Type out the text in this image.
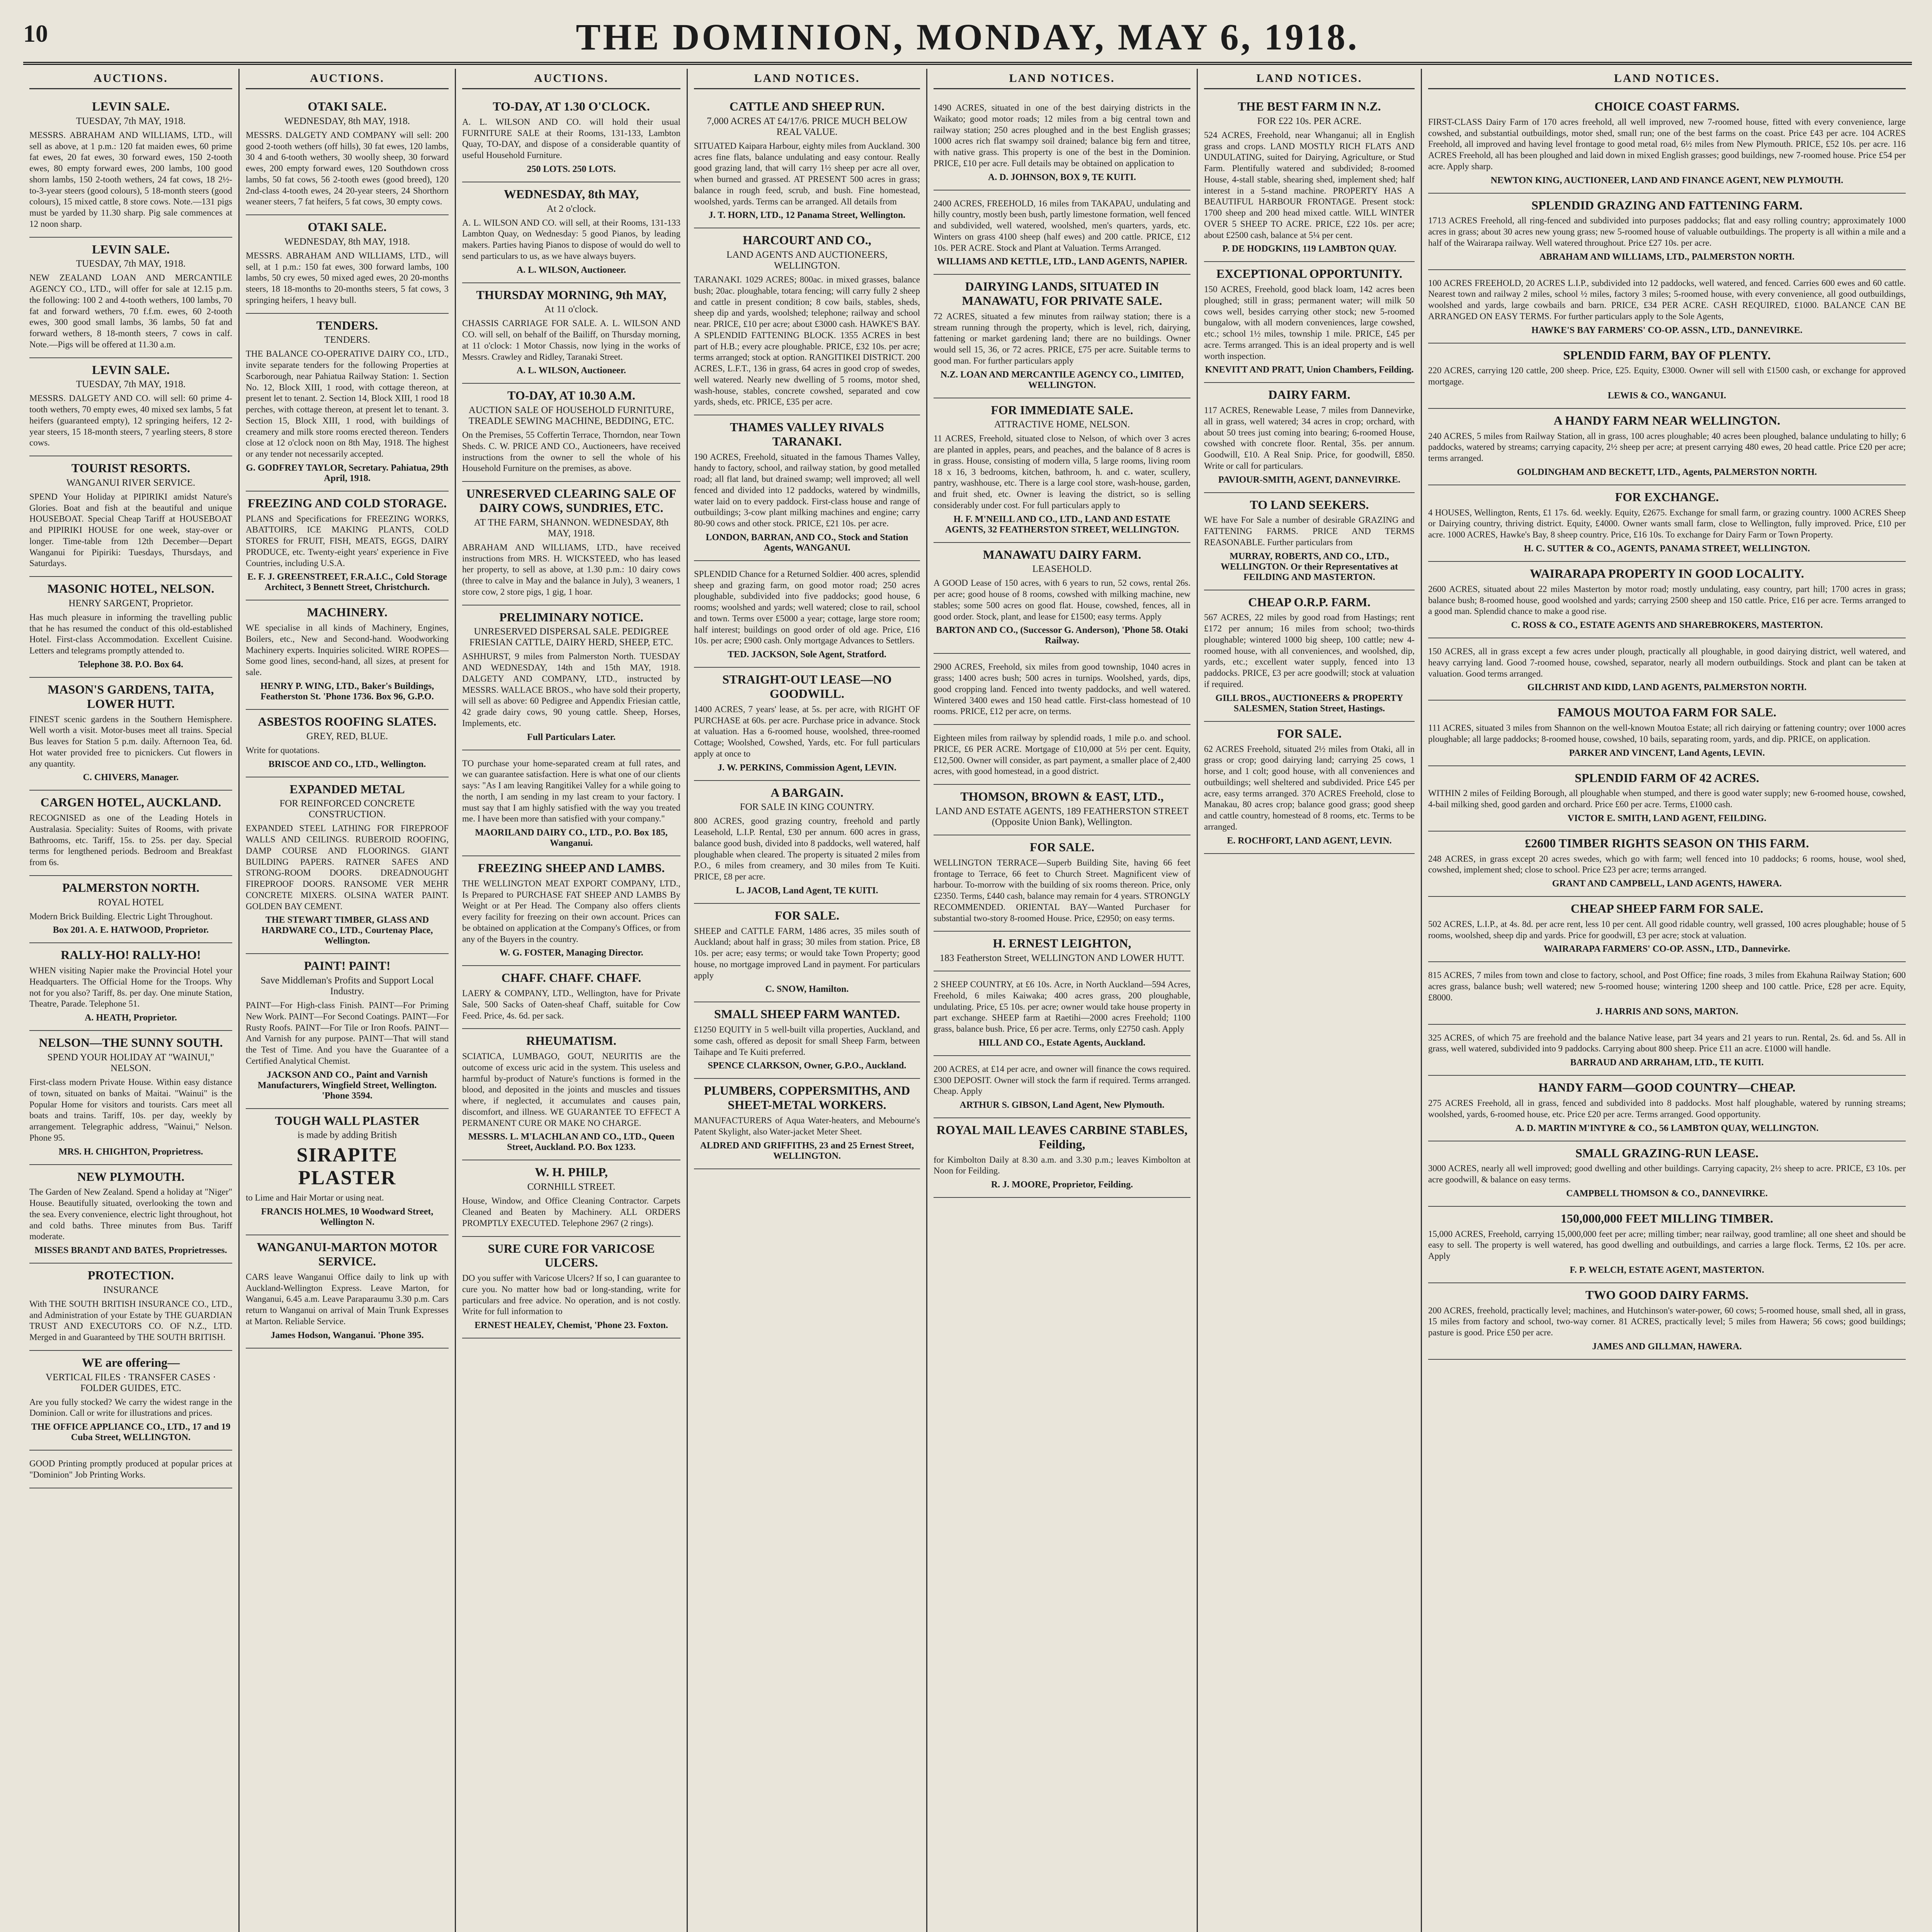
10	THE DOMINION, MONDAY, MAY 6, 1918.
AUCTIONS.
LEVIN SALE.
TUESDAY, 7th MAY, 1918.
MESSRS. ABRAHAM AND WILLIAMS, LTD., will sell as above, at 1 p.m.: 120 fat maiden ewes, 60 prime fat ewes, 20 fat ewes, 30 forward ewes, 150 2-tooth ewes, 80 empty forward ewes, 200 lambs, 100 good shorn lambs, 150 2-tooth wethers, 24 fat cows, 18 2½-to-3-year steers (good colours), 5 18-month steers (good colours), 15 mixed cattle, 8 store cows. Note.—131 pigs must be yarded by 11.30 sharp. Pig sale commences at 12 noon sharp.
LEVIN SALE.
TUESDAY, 7th MAY, 1918.
NEW ZEALAND LOAN AND MERCANTILE AGENCY CO., LTD., will offer for sale at 12.15 p.m. the following: 100 2 and 4-tooth wethers, 100 lambs, 70 fat and forward wethers, 70 f.f.m. ewes, 60 2-tooth ewes, 300 good small lambs, 36 lambs, 50 fat and forward wethers, 8 18-month steers, 7 cows in calf. Note.—Pigs will be offered at 11.30 a.m.
LEVIN SALE.
TUESDAY, 7th MAY, 1918.
MESSRS. DALGETY AND CO. will sell: 60 prime 4-tooth wethers, 70 empty ewes, 40 mixed sex lambs, 5 fat heifers (guaranteed empty), 12 springing heifers, 12 2-year steers, 15 18-month steers, 7 yearling steers, 8 store cows.
TOURIST RESORTS.
WANGANUI RIVER SERVICE.
SPEND Your Holiday at PIPIRIKI amidst Nature's Glories. Boat and fish at the beautiful and unique HOUSEBOAT. Special Cheap Tariff at HOUSEBOAT and PIPIRIKI HOUSE for one week, stay-over or longer. Time-table from 12th December—Depart Wanganui for Pipiriki: Tuesdays, Thursdays, and Saturdays.
MASONIC HOTEL, NELSON.
HENRY SARGENT, Proprietor.
Has much pleasure in informing the travelling public that he has resumed the conduct of this old-established Hotel. First-class Accommodation. Excellent Cuisine. Letters and telegrams promptly attended to.
Telephone 38. P.O. Box 64.
MASON'S GARDENS, TAITA, LOWER HUTT.
FINEST scenic gardens in the Southern Hemisphere. Well worth a visit. Motor-buses meet all trains. Special Bus leaves for Station 5 p.m. daily. Afternoon Tea, 6d. Hot water provided free to picnickers. Cut flowers in any quantity.
C. CHIVERS, Manager.
CARGEN HOTEL, AUCKLAND.
RECOGNISED as one of the Leading Hotels in Australasia. Speciality: Suites of Rooms, with private Bathrooms, etc. Tariff, 15s. to 25s. per day. Special terms for lengthened periods. Bedroom and Breakfast from 6s.
PALMERSTON NORTH.
ROYAL HOTEL
Modern Brick Building. Electric Light Throughout.
Box 201. A. E. HATWOOD, Proprietor.
RALLY-HO! RALLY-HO!
WHEN visiting Napier make the Provincial Hotel your Headquarters. The Official Home for the Troops. Why not for you also? Tariff, 8s. per day. One minute Station, Theatre, Parade. Telephone 51.
A. HEATH, Proprietor.
NELSON—THE SUNNY SOUTH.
SPEND YOUR HOLIDAY AT "WAINUI," NELSON.
First-class modern Private House. Within easy distance of town, situated on banks of Maitai. "Wainui" is the Popular Home for visitors and tourists. Cars meet all boats and trains. Tariff, 10s. per day, weekly by arrangement. Telegraphic address, "Wainui," Nelson. Phone 95.
MRS. H. CHIGHTON, Proprietress.
NEW PLYMOUTH.
The Garden of New Zealand. Spend a holiday at "Niger" House. Beautifully situated, overlooking the town and the sea. Every convenience, electric light throughout, hot and cold baths. Three minutes from Bus. Tariff moderate.
MISSES BRANDT AND BATES, Proprietresses.
PROTECTION.
INSURANCE
With THE SOUTH BRITISH INSURANCE CO., LTD., and Administration of your Estate by THE GUARDIAN TRUST AND EXECUTORS CO. OF N.Z., LTD. Merged in and Guaranteed by THE SOUTH BRITISH.
WE are offering—
VERTICAL FILES · TRANSFER CASES · FOLDER GUIDES, ETC.
Are you fully stocked? We carry the widest range in the Dominion. Call or write for illustrations and prices.
THE OFFICE APPLIANCE CO., LTD., 17 and 19 Cuba Street, WELLINGTON.
GOOD Printing promptly produced at popular prices at "Dominion" Job Printing Works.
AUCTIONS.
OTAKI SALE.
WEDNESDAY, 8th MAY, 1918.
MESSRS. DALGETY AND COMPANY will sell: 200 good 2-tooth wethers (off hills), 30 fat ewes, 120 lambs, 30 4 and 6-tooth wethers, 30 woolly sheep, 30 forward ewes, 200 empty forward ewes, 120 Southdown cross lambs, 50 fat cows, 56 2-tooth ewes (good breed), 120 2nd-class 4-tooth ewes, 24 20-year steers, 24 Shorthorn weaner steers, 7 fat heifers, 5 fat cows, 30 empty cows.
OTAKI SALE.
WEDNESDAY, 8th MAY, 1918.
MESSRS. ABRAHAM AND WILLIAMS, LTD., will sell, at 1 p.m.: 150 fat ewes, 300 forward lambs, 100 lambs, 50 cry ewes, 50 mixed aged ewes, 20 20-months steers, 18 18-months to 20-months steers, 5 fat cows, 3 springing heifers, 1 heavy bull.
TENDERS.
TENDERS.
THE BALANCE CO-OPERATIVE DAIRY CO., LTD., invite separate tenders for the following Properties at Scarborough, near Pahiatua Railway Station: 1. Section No. 12, Block XIII, 1 rood, with cottage thereon, at present let to tenant. 2. Section 14, Block XIII, 1 rood 18 perches, with cottage thereon, at present let to tenant. 3. Section 15, Block XIII, 1 rood, with buildings of creamery and milk store rooms erected thereon. Tenders close at 12 o'clock noon on 8th May, 1918. The highest or any tender not necessarily accepted.
G. GODFREY TAYLOR, Secretary. Pahiatua, 29th April, 1918.
FREEZING AND COLD STORAGE.
PLANS and Specifications for FREEZING WORKS, ABATTOIRS, ICE MAKING PLANTS, COLD STORES for FRUIT, FISH, MEATS, EGGS, DAIRY PRODUCE, etc. Twenty-eight years' experience in Five Countries, including U.S.A.
E. F. J. GREENSTREET, F.R.A.I.C., Cold Storage Architect, 3 Bennett Street, Christchurch.
MACHINERY.
WE specialise in all kinds of Machinery, Engines, Boilers, etc., New and Second-hand. Woodworking Machinery experts. Inquiries solicited. WIRE ROPES—Some good lines, second-hand, all sizes, at present for sale.
HENRY P. WING, LTD., Baker's Buildings, Featherston St. 'Phone 1736. Box 96, G.P.O.
ASBESTOS ROOFING SLATES.
GREY, RED, BLUE.
Write for quotations.
BRISCOE AND CO., LTD., Wellington.
EXPANDED METAL
FOR REINFORCED CONCRETE CONSTRUCTION.
EXPANDED STEEL LATHING FOR FIREPROOF WALLS AND CEILINGS. RUBEROID ROOFING, DAMP COURSE AND FLOORINGS. GIANT BUILDING PAPERS. RATNER SAFES AND STRONG-ROOM DOORS. DREADNOUGHT FIREPROOF DOORS. RANSOME VER MEHR CONCRETE MIXERS. OLSINA WATER PAINT. GOLDEN BAY CEMENT.
THE STEWART TIMBER, GLASS AND HARDWARE CO., LTD., Courtenay Place, Wellington.
PAINT! PAINT!
Save Middleman's Profits and Support Local Industry.
PAINT—For High-class Finish. PAINT—For Priming New Work. PAINT—For Second Coatings. PAINT—For Rusty Roofs. PAINT—For Tile or Iron Roofs. PAINT—And Varnish for any purpose. PAINT—That will stand the Test of Time. And you have the Guarantee of a Certified Analytical Chemist.
JACKSON AND CO., Paint and Varnish Manufacturers, Wingfield Street, Wellington. 'Phone 3594.
TOUGH WALL PLASTER
is made by adding British
SIRAPITE PLASTER
to Lime and Hair Mortar or using neat.
FRANCIS HOLMES, 10 Woodward Street, Wellington N.
WANGANUI-MARTON MOTOR SERVICE.
CARS leave Wanganui Office daily to link up with Auckland-Wellington Express. Leave Marton, for Wanganui, 6.45 a.m. Leave Paraparaumu 3.30 p.m. Cars return to Wanganui on arrival of Main Trunk Expresses at Marton. Reliable Service.
James Hodson, Wanganui. 'Phone 395.
AUCTIONS.
TO-DAY, AT 1.30 O'CLOCK.
A. L. WILSON AND CO. will hold their usual FURNITURE SALE at their Rooms, 131-133, Lambton Quay, TO-DAY, and dispose of a considerable quantity of useful Household Furniture.
250 LOTS. 250 LOTS.
WEDNESDAY, 8th MAY,
At 2 o'clock.
A. L. WILSON AND CO. will sell, at their Rooms, 131-133 Lambton Quay, on Wednesday: 5 good Pianos, by leading makers. Parties having Pianos to dispose of would do well to send particulars to us, as we have always buyers.
A. L. WILSON, Auctioneer.
THURSDAY MORNING, 9th MAY,
At 11 o'clock.
CHASSIS CARRIAGE FOR SALE. A. L. WILSON AND CO. will sell, on behalf of the Bailiff, on Thursday morning, at 11 o'clock: 1 Motor Chassis, now lying in the works of Messrs. Crawley and Ridley, Taranaki Street.
A. L. WILSON, Auctioneer.
TO-DAY, AT 10.30 A.M.
AUCTION SALE OF HOUSEHOLD FURNITURE, TREADLE SEWING MACHINE, BEDDING, ETC.
On the Premises, 55 Coffertin Terrace, Thorndon, near Town Sheds. C. W. PRICE AND CO., Auctioneers, have received instructions from the owner to sell the whole of his Household Furniture on the premises, as above.
UNRESERVED CLEARING SALE OF DAIRY COWS, SUNDRIES, ETC.
AT THE FARM, SHANNON. WEDNESDAY, 8th MAY, 1918.
ABRAHAM AND WILLIAMS, LTD., have received instructions from MRS. H. WICKSTEED, who has leased her property, to sell as above, at 1.30 p.m.: 10 dairy cows (three to calve in May and the balance in July), 3 weaners, 1 store cow, 2 store pigs, 1 gig, 1 hoar.
PRELIMINARY NOTICE.
UNRESERVED DISPERSAL SALE. PEDIGREE FRIESIAN CATTLE, DAIRY HERD, SHEEP, ETC.
ASHHURST, 9 miles from Palmerston North. TUESDAY AND WEDNESDAY, 14th and 15th MAY, 1918. DALGETY AND COMPANY, LTD., instructed by MESSRS. WALLACE BROS., who have sold their property, will sell as above: 60 Pedigree and Appendix Friesian cattle, 42 grade dairy cows, 90 young cattle. Sheep, Horses, Implements, etc.
Full Particulars Later.
TO purchase your home-separated cream at full rates, and we can guarantee satisfaction. Here is what one of our clients says: "As I am leaving Rangitikei Valley for a while going to the north, I am sending in my last cream to your factory. I must say that I am highly satisfied with the way you treated me. I have been more than satisfied with your company."
MAORILAND DAIRY CO., LTD., P.O. Box 185, Wanganui.
FREEZING SHEEP AND LAMBS.
THE WELLINGTON MEAT EXPORT COMPANY, LTD., Is Prepared to PURCHASE FAT SHEEP AND LAMBS By Weight or at Per Head. The Company also offers clients every facility for freezing on their own account. Prices can be obtained on application at the Company's Offices, or from any of the Buyers in the country.
W. G. FOSTER, Managing Director.
CHAFF. CHAFF. CHAFF.
LAERY & COMPANY, LTD., Wellington, have for Private Sale, 500 Sacks of Oaten-sheaf Chaff, suitable for Cow Feed. Price, 4s. 6d. per sack.
RHEUMATISM.
SCIATICA, LUMBAGO, GOUT, NEURITIS are the outcome of excess uric acid in the system. This useless and harmful by-product of Nature's functions is formed in the blood, and deposited in the joints and muscles and tissues where, if neglected, it accumulates and causes pain, discomfort, and illness. WE GUARANTEE TO EFFECT A PERMANENT CURE OR MAKE NO CHARGE.
MESSRS. L. M'LACHLAN AND CO., LTD., Queen Street, Auckland. P.O. Box 1233.
W. H. PHILP,
CORNHILL STREET.
House, Window, and Office Cleaning Contractor. Carpets Cleaned and Beaten by Machinery. ALL ORDERS PROMPTLY EXECUTED. Telephone 2967 (2 rings).
SURE CURE FOR VARICOSE ULCERS.
DO you suffer with Varicose Ulcers? If so, I can guarantee to cure you. No matter how bad or long-standing, write for particulars and free advice. No operation, and is not costly. Write for full information to
ERNEST HEALEY, Chemist, 'Phone 23. Foxton.
LAND NOTICES.
CATTLE AND SHEEP RUN.
7,000 ACRES AT £4/17/6. PRICE MUCH BELOW REAL VALUE.
SITUATED Kaipara Harbour, eighty miles from Auckland. 300 acres fine flats, balance undulating and easy contour. Really good grazing land, that will carry 1½ sheep per acre all over, when burned and grassed. AT PRESENT 500 acres in grass; balance in rough feed, scrub, and bush. Fine homestead, woolshed, yards. Terms can be arranged. All details from
J. T. HORN, LTD., 12 Panama Street, Wellington.
HARCOURT AND CO.,
LAND AGENTS AND AUCTIONEERS, WELLINGTON.
TARANAKI. 1029 ACRES; 800ac. in mixed grasses, balance bush; 20ac. ploughable, totara fencing; will carry fully 2 sheep and cattle in present condition; 8 cow bails, stables, sheds, sheep dip and yards, woolshed; telephone; railway and school near. PRICE, £10 per acre; about £3000 cash. HAWKE'S BAY. A SPLENDID FATTENING BLOCK. 1355 ACRES in best part of H.B.; every acre ploughable. PRICE, £32 10s. per acre; terms arranged; stock at option. RANGITIKEI DISTRICT. 200 ACRES, L.F.T., 136 in grass, 64 acres in good crop of swedes, well watered. Nearly new dwelling of 5 rooms, motor shed, wash-house, stables, concrete cowshed, separated and cow yards, sheds, etc. PRICE, £35 per acre.
THAMES VALLEY RIVALS TARANAKI.
190 ACRES, Freehold, situated in the famous Thames Valley, handy to factory, school, and railway station, by good metalled road; all flat land, but drained swamp; well improved; all well fenced and divided into 12 paddocks, watered by windmills, water laid on to every paddock. First-class house and range of outbuildings; 3-cow plant milking machines and engine; carry 80-90 cows and other stock. PRICE, £21 10s. per acre.
LONDON, BARRAN, AND CO., Stock and Station Agents, WANGANUI.
SPLENDID Chance for a Returned Soldier. 400 acres, splendid sheep and grazing farm, on good motor road; 250 acres ploughable, subdivided into five paddocks; good house, 6 rooms; woolshed and yards; well watered; close to rail, school and town. Terms over £5000 a year; cottage, large store room; half interest; buildings on good order of old age. Price, £16 10s. per acre; £900 cash. Only mortgage Advances to Settlers.
TED. JACKSON, Sole Agent, Stratford.
STRAIGHT-OUT LEASE—NO GOODWILL.
1400 ACRES, 7 years' lease, at 5s. per acre, with RIGHT OF PURCHASE at 60s. per acre. Purchase price in advance. Stock at valuation. Has a 6-roomed house, woolshed, three-roomed Cottage; Woolshed, Cowshed, Yards, etc. For full particulars apply at once to
J. W. PERKINS, Commission Agent, LEVIN.
A BARGAIN.
FOR SALE IN KING COUNTRY.
800 ACRES, good grazing country, freehold and partly Leasehold, L.I.P. Rental, £30 per annum. 600 acres in grass, balance good bush, divided into 8 paddocks, well watered, half ploughable when cleared. The property is situated 2 miles from P.O., 6 miles from creamery, and 30 miles from Te Kuiti. PRICE, £8 per acre.
L. JACOB, Land Agent, TE KUITI.
FOR SALE.
SHEEP and CATTLE FARM, 1486 acres, 35 miles south of Auckland; about half in grass; 30 miles from station. Price, £8 10s. per acre; easy terms; or would take Town Property; good house, no mortgage improved Land in payment. For particulars apply
C. SNOW, Hamilton.
SMALL SHEEP FARM WANTED.
£1250 EQUITY in 5 well-built villa properties, Auckland, and some cash, offered as deposit for small Sheep Farm, between Taihape and Te Kuiti preferred.
SPENCE CLARKSON, Owner, G.P.O., Auckland.
PLUMBERS, COPPERSMITHS, AND SHEET-METAL WORKERS.
MANUFACTURERS of Aqua Water-heaters, and Mebourne's Patent Skylight, also Water-jacket Meter Sheet.
ALDRED AND GRIFFITHS, 23 and 25 Ernest Street, WELLINGTON.
LAND NOTICES.
1490 ACRES, situated in one of the best dairying districts in the Waikato; good motor roads; 12 miles from a big central town and railway station; 250 acres ploughed and in the best English grasses; 1000 acres rich flat swampy soil drained; balance big fern and titree, with native grass. This property is one of the best in the Dominion. PRICE, £10 per acre. Full details may be obtained on application to
A. D. JOHNSON, BOX 9, TE KUITI.
2400 ACRES, FREEHOLD, 16 miles from TAKAPAU, undulating and hilly country, mostly been bush, partly limestone formation, well fenced and subdivided, well watered, woolshed, men's quarters, yards, etc. Winters on grass 4100 sheep (half ewes) and 200 cattle. PRICE, £12 10s. PER ACRE. Stock and Plant at Valuation. Terms Arranged.
WILLIAMS AND KETTLE, LTD., LAND AGENTS, NAPIER.
DAIRYING LANDS, SITUATED IN MANAWATU, FOR PRIVATE SALE.
72 ACRES, situated a few minutes from railway station; there is a stream running through the property, which is level, rich, dairying, fattening or market gardening land; there are no buildings. Owner would sell 15, 36, or 72 acres. PRICE, £75 per acre. Suitable terms to good man. For further particulars apply
N.Z. LOAN AND MERCANTILE AGENCY CO., LIMITED, WELLINGTON.
FOR IMMEDIATE SALE.
ATTRACTIVE HOME, NELSON.
11 ACRES, Freehold, situated close to Nelson, of which over 3 acres are planted in apples, pears, and peaches, and the balance of 8 acres is in grass. House, consisting of modern villa, 5 large rooms, living room 18 x 16, 3 bedrooms, kitchen, bathroom, h. and c. water, scullery, pantry, washhouse, etc. There is a large cool store, wash-house, garden, and fruit shed, etc. Owner is leaving the district, so is selling considerably under cost. For full particulars apply to
H. F. M'NEILL AND CO., LTD., LAND AND ESTATE AGENTS, 32 FEATHERSTON STREET, WELLINGTON.
MANAWATU DAIRY FARM.
LEASEHOLD.
A GOOD Lease of 150 acres, with 6 years to run, 52 cows, rental 26s. per acre; good house of 8 rooms, cowshed with milking machine, new stables; some 500 acres on good flat. House, cowshed, fences, all in good order. Stock, plant, and lease for £1500; easy terms. Apply
BARTON AND CO., (Successor G. Anderson), 'Phone 58. Otaki Railway.
2900 ACRES, Freehold, six miles from good township, 1040 acres in grass; 1400 acres bush; 500 acres in turnips. Woolshed, yards, dips, good cropping land. Fenced into twenty paddocks, and well watered. Wintered 3400 ewes and 150 head cattle. First-class homestead of 10 rooms. PRICE, £12 per acre, on terms.
Eighteen miles from railway by splendid roads, 1 mile p.o. and school. PRICE, £6 PER ACRE. Mortgage of £10,000 at 5½ per cent. Equity, £12,500. Owner will consider, as part payment, a smaller place of 2,400 acres, with good homestead, in a good district.
THOMSON, BROWN & EAST, LTD.,
LAND AND ESTATE AGENTS, 189 FEATHERSTON STREET (Opposite Union Bank), Wellington.
FOR SALE.
WELLINGTON TERRACE—Superb Building Site, having 66 feet frontage to Terrace, 66 feet to Church Street. Magnificent view of harbour. To-morrow with the building of six rooms thereon. Price, only £2350. Terms, £440 cash, balance may remain for 4 years. STRONGLY RECOMMENDED. ORIENTAL BAY—Wanted Purchaser for substantial two-story 8-roomed House. Price, £2950; on easy terms.
H. ERNEST LEIGHTON,
183 Featherston Street, WELLINGTON AND LOWER HUTT.
2 SHEEP COUNTRY, at £6 10s. Acre, in North Auckland—594 Acres, Freehold, 6 miles Kaiwaka; 400 acres grass, 200 ploughable, undulating. Price, £5 10s. per acre; owner would take house property in part exchange. SHEEP farm at Raetihi—2000 acres Freehold; 1100 grass, balance bush. Price, £6 per acre. Terms, only £2750 cash. Apply
HILL AND CO., Estate Agents, Auckland.
200 ACRES, at £14 per acre, and owner will finance the cows required. £300 DEPOSIT. Owner will stock the farm if required. Terms arranged. Cheap. Apply
ARTHUR S. GIBSON, Land Agent, New Plymouth.
ROYAL MAIL LEAVES CARBINE STABLES, Feilding,
for Kimbolton Daily at 8.30 a.m. and 3.30 p.m.; leaves Kimbolton at Noon for Feilding.
R. J. MOORE, Proprietor, Feilding.
LAND NOTICES.
THE BEST FARM IN N.Z.
FOR £22 10s. PER ACRE.
524 ACRES, Freehold, near Whanganui; all in English grass and crops. LAND MOSTLY RICH FLATS AND UNDULATING, suited for Dairying, Agriculture, or Stud Farm. Plentifully watered and subdivided; 8-roomed House, 4-stall stable, shearing shed, implement shed; half interest in a 5-stand machine. PROPERTY HAS A BEAUTIFUL HARBOUR FRONTAGE. Present stock: 1700 sheep and 200 head mixed cattle. WILL WINTER OVER 5 SHEEP TO ACRE. PRICE, £22 10s. per acre; about £2500 cash, balance at 5¼ per cent.
P. DE HODGKINS, 119 LAMBTON QUAY.
EXCEPTIONAL OPPORTUNITY.
150 ACRES, Freehold, good black loam, 142 acres been ploughed; still in grass; permanent water; will milk 50 cows well, besides carrying other stock; new 5-roomed bungalow, with all modern conveniences, large cowshed, etc.; school 1½ miles, township 1 mile. PRICE, £45 per acre. Terms arranged. This is an ideal property and is well worth inspection.
KNEVITT AND PRATT, Union Chambers, Feilding.
DAIRY FARM.
117 ACRES, Renewable Lease, 7 miles from Dannevirke, all in grass, well watered; 34 acres in crop; orchard, with about 50 trees just coming into bearing; 6-roomed House, cowshed with concrete floor. Rental, 35s. per annum. Goodwill, £10. A Real Snip. Price, for goodwill, £850. Write or call for particulars.
PAVIOUR-SMITH, AGENT, DANNEVIRKE.
TO LAND SEEKERS.
WE have For Sale a number of desirable GRAZING and FATTENING FARMS. PRICE AND TERMS REASONABLE. Further particulars from
MURRAY, ROBERTS, AND CO., LTD., WELLINGTON. Or their Representatives at FEILDING AND MASTERTON.
CHEAP O.R.P. FARM.
567 ACRES, 22 miles by good road from Hastings; rent £172 per annum; 16 miles from school; two-thirds ploughable; wintered 1000 big sheep, 100 cattle; new 4-roomed house, with all conveniences, and woolshed, dip, yards, etc.; excellent water supply, fenced into 13 paddocks. PRICE, £3 per acre goodwill; stock at valuation if required.
GILL BROS., AUCTIONEERS & PROPERTY SALESMEN, Station Street, Hastings.
FOR SALE.
62 ACRES Freehold, situated 2½ miles from Otaki, all in grass or crop; good dairying land; carrying 25 cows, 1 horse, and 1 colt; good house, with all conveniences and outbuildings; well sheltered and subdivided. Price £45 per acre, easy terms arranged. 370 ACRES Freehold, close to Manakau, 80 acres crop; balance good grass; good sheep and cattle country, homestead of 8 rooms, etc. Terms to be arranged.
E. ROCHFORT, LAND AGENT, LEVIN.
LAND NOTICES.
CHOICE COAST FARMS.
FIRST-CLASS Dairy Farm of 170 acres freehold, all well improved, new 7-roomed house, fitted with every convenience, large cowshed, and substantial outbuildings, motor shed, small run; one of the best farms on the coast. Price £43 per acre. 104 ACRES Freehold, all improved and having level frontage to good metal road, 6½ miles from New Plymouth. PRICE, £52 10s. per acre. 116 ACRES Freehold, all has been ploughed and laid down in mixed English grasses; good buildings, new 7-roomed house. Price £54 per acre. Apply sharp.
NEWTON KING, AUCTIONEER, LAND AND FINANCE AGENT, NEW PLYMOUTH.
SPLENDID GRAZING AND FATTENING FARM.
1713 ACRES Freehold, all ring-fenced and subdivided into purposes paddocks; flat and easy rolling country; approximately 1000 acres in grass; about 30 acres new young grass; new 5-roomed house of valuable outbuildings. The property is all within a mile and a half of the Wairarapa railway. Well watered throughout. Price £27 10s. per acre.
ABRAHAM AND WILLIAMS, LTD., PALMERSTON NORTH.
100 ACRES FREEHOLD, 20 ACRES L.I.P., subdivided into 12 paddocks, well watered, and fenced. Carries 600 ewes and 60 cattle. Nearest town and railway 2 miles, school ½ miles, factory 3 miles; 5-roomed house, with every convenience, all good outbuildings, woolshed and yards, large cowbails and barn. PRICE, £34 PER ACRE. CASH REQUIRED, £1000. BALANCE CAN BE ARRANGED ON EASY TERMS. For further particulars apply to the Sole Agents,
HAWKE'S BAY FARMERS' CO-OP. ASSN., LTD., DANNEVIRKE.
SPLENDID FARM, BAY OF PLENTY.
220 ACRES, carrying 120 cattle, 200 sheep. Price, £25. Equity, £3000. Owner will sell with £1500 cash, or exchange for approved mortgage.
LEWIS & CO., WANGANUI.
A HANDY FARM NEAR WELLINGTON.
240 ACRES, 5 miles from Railway Station, all in grass, 100 acres ploughable; 40 acres been ploughed, balance undulating to hilly; 6 paddocks, watered by streams; carrying capacity, 2½ sheep per acre; at present carrying 480 ewes, 20 head cattle. Price £20 per acre; terms arranged.
GOLDINGHAM AND BECKETT, LTD., Agents, PALMERSTON NORTH.
FOR EXCHANGE.
4 HOUSES, Wellington, Rents, £1 17s. 6d. weekly. Equity, £2675. Exchange for small farm, or grazing country. 1000 ACRES Sheep or Dairying country, thriving district. Equity, £4000. Owner wants small farm, close to Wellington, fully improved. Price, £10 per acre. 1000 ACRES, Hawke's Bay, 8 sheep country. Price, £16 10s. To exchange for Dairy Farm or Town Property.
H. C. SUTTER & CO., AGENTS, PANAMA STREET, WELLINGTON.
WAIRARAPA PROPERTY IN GOOD LOCALITY.
2600 ACRES, situated about 22 miles Masterton by motor road; mostly undulating, easy country, part hill; 1700 acres in grass; balance bush; 8-roomed house, good woolshed and yards; carrying 2500 sheep and 150 cattle. Price, £16 per acre. Terms arranged to a good man. Splendid chance to make a good rise.
C. ROSS & CO., ESTATE AGENTS AND SHAREBROKERS, MASTERTON.
150 ACRES, all in grass except a few acres under plough, practically all ploughable, in good dairying district, well watered, and heavy carrying land. Good 7-roomed house, cowshed, separator, nearly all modern outbuildings. Stock and plant can be taken at valuation. Good terms arranged.
GILCHRIST AND KIDD, LAND AGENTS, PALMERSTON NORTH.
FAMOUS MOUTOA FARM FOR SALE.
111 ACRES, situated 3 miles from Shannon on the well-known Moutoa Estate; all rich dairying or fattening country; over 1000 acres ploughable; all large paddocks; 8-roomed house, cowshed, 10 bails, separating room, yards, and dip. PRICE, on application.
PARKER AND VINCENT, Land Agents, LEVIN.
SPLENDID FARM OF 42 ACRES.
WITHIN 2 miles of Feilding Borough, all ploughable when stumped, and there is good water supply; new 6-roomed house, cowshed, 4-bail milking shed, good garden and orchard. Price £60 per acre. Terms, £1000 cash.
VICTOR E. SMITH, LAND AGENT, FEILDING.
£2600 TIMBER RIGHTS SEASON ON THIS FARM.
248 ACRES, in grass except 20 acres swedes, which go with farm; well fenced into 10 paddocks; 6 rooms, house, wool shed, cowshed, implement shed; close to school. Price £23 per acre; terms arranged.
GRANT AND CAMPBELL, LAND AGENTS, HAWERA.
CHEAP SHEEP FARM FOR SALE.
502 ACRES, L.I.P., at 4s. 8d. per acre rent, less 10 per cent. All good ridable country, well grassed, 100 acres ploughable; house of 5 rooms, woolshed, sheep dip and yards. Price for goodwill, £3 per acre; stock at valuation.
WAIRARAPA FARMERS' CO-OP. ASSN., LTD., Dannevirke.
815 ACRES, 7 miles from town and close to factory, school, and Post Office; fine roads, 3 miles from Ekahuna Railway Station; 600 acres grass, balance bush; well watered; new 5-roomed house; wintering 1200 sheep and 100 cattle. Price, £28 per acre. Equity, £8000.
J. HARRIS AND SONS, MARTON.
325 ACRES, of which 75 are freehold and the balance Native lease, part 34 years and 21 years to run. Rental, 2s. 6d. and 5s. All in grass, well watered, subdivided into 9 paddocks. Carrying about 800 sheep. Price £11 an acre. £1000 will handle.
BARRAUD AND ARRAHAM, LTD., TE KUITI.
HANDY FARM—GOOD COUNTRY—CHEAP.
275 ACRES Freehold, all in grass, fenced and subdivided into 8 paddocks. Most half ploughable, watered by running streams; woolshed, yards, 6-roomed house, etc. Price £20 per acre. Terms arranged. Good opportunity.
A. D. MARTIN M'INTYRE & CO., 56 LAMBTON QUAY, WELLINGTON.
SMALL GRAZING-RUN LEASE.
3000 ACRES, nearly all well improved; good dwelling and other buildings. Carrying capacity, 2½ sheep to acre. PRICE, £3 10s. per acre goodwill, & balance on easy terms.
CAMPBELL THOMSON & CO., DANNEVIRKE.
150,000,000 FEET MILLING TIMBER.
15,000 ACRES, Freehold, carrying 15,000,000 feet per acre; milling timber; near railway, good tramline; all one sheet and should be easy to sell. The property is well watered, has good dwelling and outbuildings, and carries a large flock. Terms, £2 10s. per acre. Apply
F. P. WELCH, ESTATE AGENT, MASTERTON.
TWO GOOD DAIRY FARMS.
200 ACRES, freehold, practically level; machines, and Hutchinson's water-power, 60 cows; 5-roomed house, small shed, all in grass, 15 miles from factory and school, two-way corner. 81 ACRES, practically level; 5 miles from Hawera; 56 cows; good buildings; pasture is good. Price £50 per acre.
JAMES AND GILLMAN, HAWERA.
